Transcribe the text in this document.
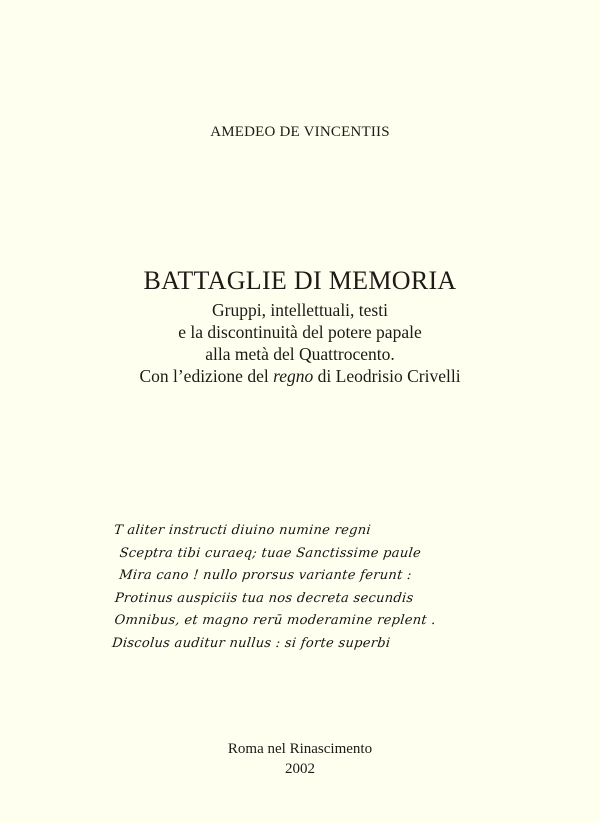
AMEDEO DE VINCENTIIS
BATTAGLIE DI MEMORIA
Gruppi, intellettuali, testi
e la discontinuità del potere papale
alla metà del Quattrocento.
Con l’edizione del regno di Leodrisio Crivelli
T aliter instructi diuino numine regni
Sceptra tibi curaeq; tuae Sanctissime paule
Mira cano ! nullo prorsus variante ferunt :
Protinus auspiciis tua nos decreta secundis
Omnibus, et magno rerū moderamine replent .
Discolus auditur nullus : si forte superbi
Roma nel Rinascimento
2002
